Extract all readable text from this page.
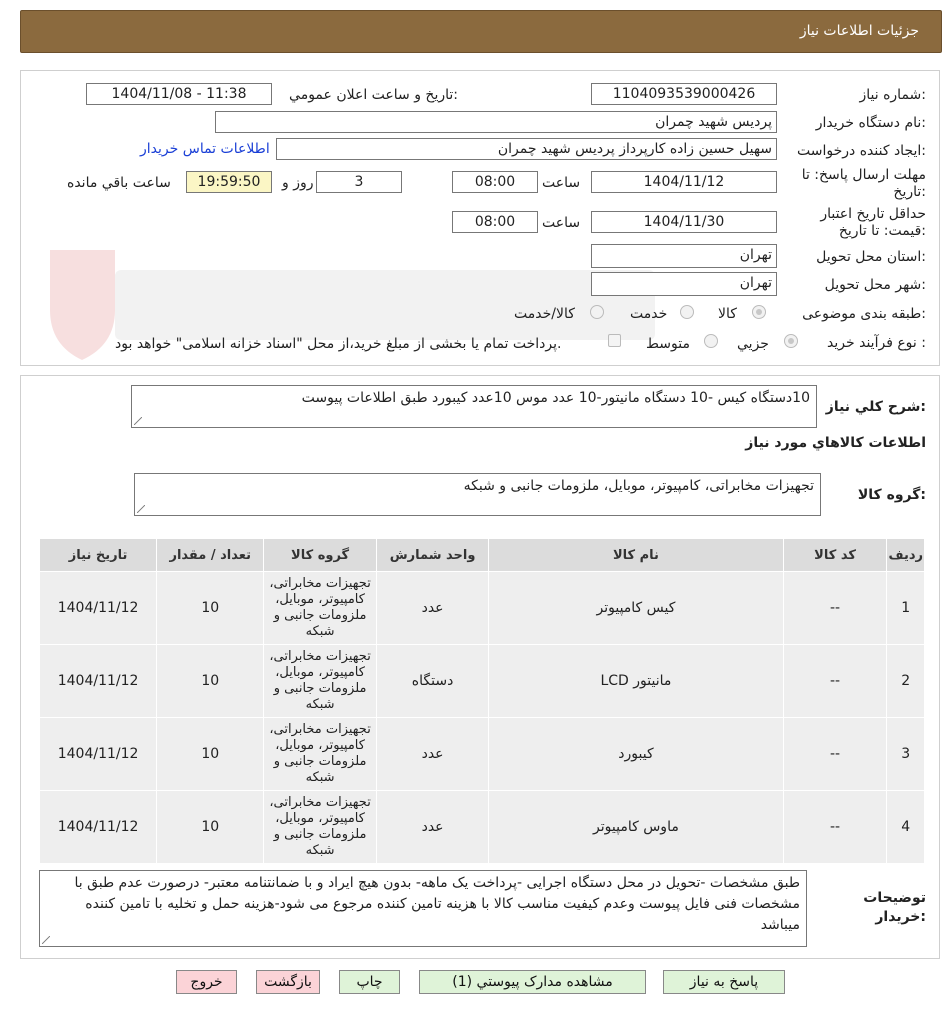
جزئیات اطلاعات نیاز
شماره نیاز:
1104093539000426
تاریخ و ساعت اعلان عمومي:
1404/11/08 - 11:38
نام دستگاه خریدار:
پردیس شهید چمران
ایجاد کننده درخواست:
سهیل حسین زاده کارپرداز پردیس شهید چمران
اطلاعات تماس خریدار
مهلت ارسال پاسخ: تا
تاریخ:
1404/11/12
ساعت
08:00
3
روز و
19:59:50
ساعت باقي مانده
حداقل تاریخ اعتبار
قیمت: تا تاریخ:
1404/11/30
ساعت
08:00
استان محل تحویل:
تهران
شهر محل تحویل:
تهران
طبقه بندی موضوعی:
کالا
خدمت
کالا/خدمت
نوع فرآیند خرید :
جزیي
متوسط
پرداخت تمام یا بخشی از مبلغ خرید،از محل "اسناد خزانه اسلامی" خواهد بود.
شرح كلي نياز:
10دستگاه کیس -10 دستگاه مانیتور-10 عدد موس 10عدد کیبورد طبق اطلاعات پیوست
اطلاعات كالاهاي مورد نياز
گروه کالا:
تجهیزات مخابراتی، کامپیوتر، موبایل، ملزومات جانبی و شبکه
ردیف	کد کالا	نام کالا	واحد شمارش	گروه کالا	تعداد / مقدار	تاریخ نیاز
1	--	کیس کامپیوتر	عدد	تجهیزات مخابراتی، کامپیوتر، موبایل، ملزومات جانبی و شبکه	10	1404/11/12
2	--	مانیتور LCD	دستگاه	تجهیزات مخابراتی، کامپیوتر، موبایل، ملزومات جانبی و شبکه	10	1404/11/12
3	--	کیبورد	عدد	تجهیزات مخابراتی، کامپیوتر، موبایل، ملزومات جانبی و شبکه	10	1404/11/12
4	--	ماوس کامپیوتر	عدد	تجهیزات مخابراتی، کامپیوتر، موبایل، ملزومات جانبی و شبکه	10	1404/11/12
توضیحات
خریدار:
طبق مشخصات -تحویل در محل دستگاه اجرایی -پرداخت یک ماهه- بدون هیچ ایراد و با ضمانتنامه معتبر- درصورت عدم طبق با مشخصات فنی فایل پیوست وعدم کیفیت مناسب کالا با هزینه تامین کننده مرجوع می شود-هزینه حمل و تخلیه با تامین کننده میباشد
پاسخ به نیاز
مشاهده مدارک پیوستي (1)
چاپ
بازگشت
خروج
